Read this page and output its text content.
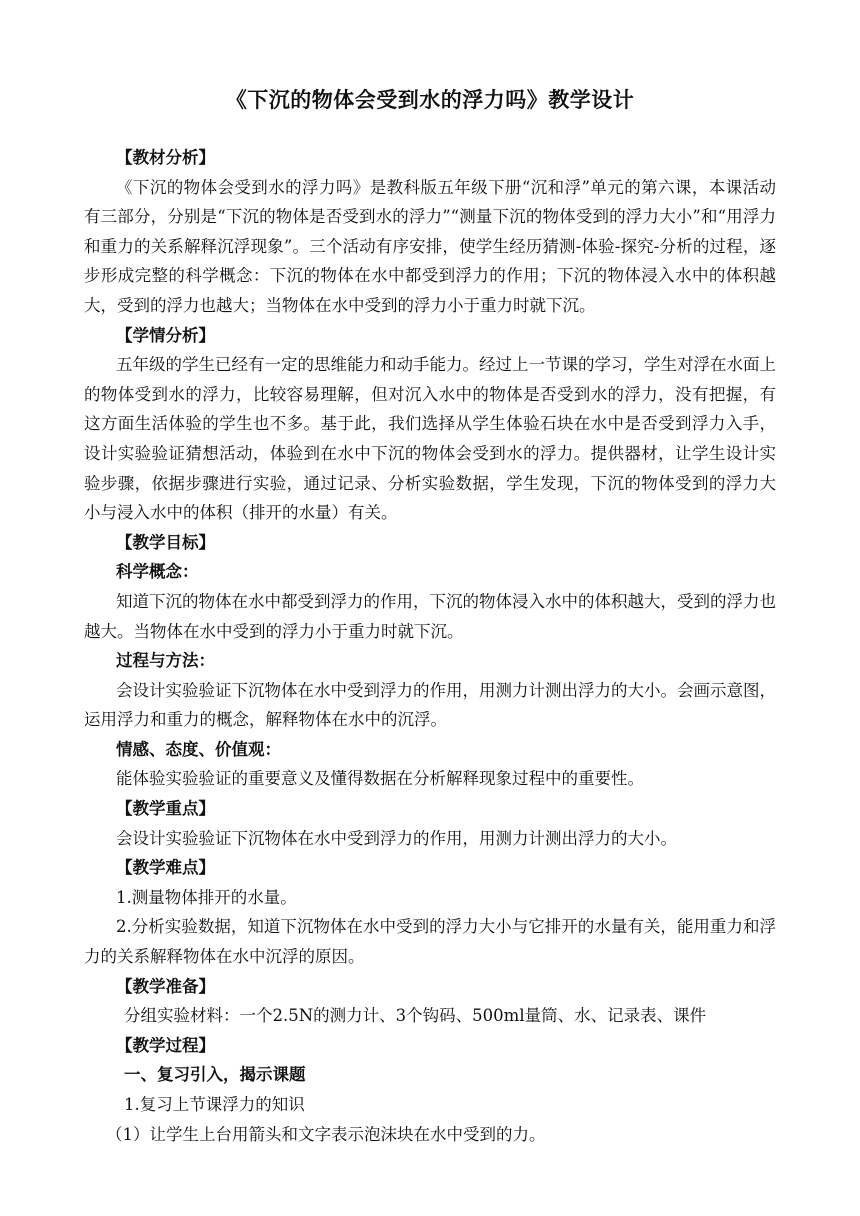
《下沉的物体会受到水的浮力吗》教学设计

【教材分析】

《下沉的物体会受到水的浮力吗》是教科版五年级下册“沉和浮”单元的第六课，本课活动有三部分，分别是“下沉的物体是否受到水的浮力”“测量下沉的物体受到的浮力大小”和“用浮力和重力的关系解释沉浮现象”。三个活动有序安排，使学生经历猜测-体验-探究-分析的过程，逐步形成完整的科学概念：下沉的物体在水中都受到浮力的作用；下沉的物体浸入水中的体积越大，受到的浮力也越大；当物体在水中受到的浮力小于重力时就下沉。

【学情分析】

五年级的学生已经有一定的思维能力和动手能力。经过上一节课的学习，学生对浮在水面上的物体受到水的浮力，比较容易理解，但对沉入水中的物体是否受到水的浮力，没有把握，有这方面生活体验的学生也不多。基于此，我们选择从学生体验石块在水中是否受到浮力入手，设计实验验证猜想活动，体验到在水中下沉的物体会受到水的浮力。提供器材，让学生设计实验步骤，依据步骤进行实验，通过记录、分析实验数据，学生发现，下沉的物体受到的浮力大小与浸入水中的体积（排开的水量）有关。

【教学目标】

科学概念：

知道下沉的物体在水中都受到浮力的作用，下沉的物体浸入水中的体积越大，受到的浮力也越大。当物体在水中受到的浮力小于重力时就下沉。

过程与方法：

会设计实验验证下沉物体在水中受到浮力的作用，用测力计测出浮力的大小。会画示意图，运用浮力和重力的概念，解释物体在水中的沉浮。

情感、态度、价值观：

能体验实验验证的重要意义及懂得数据在分析解释现象过程中的重要性。

【教学重点】

会设计实验验证下沉物体在水中受到浮力的作用，用测力计测出浮力的大小。

【教学难点】

1.测量物体排开的水量。

2.分析实验数据，知道下沉物体在水中受到的浮力大小与它排开的水量有关，能用重力和浮力的关系解释物体在水中沉浮的原因。

【教学准备】

分组实验材料：一个2.5N的测力计、3个钩码、500ml量筒、水、记录表、课件

【教学过程】

一、复习引入，揭示课题

1.复习上节课浮力的知识

（1）让学生上台用箭头和文字表示泡沫块在水中受到的力。
